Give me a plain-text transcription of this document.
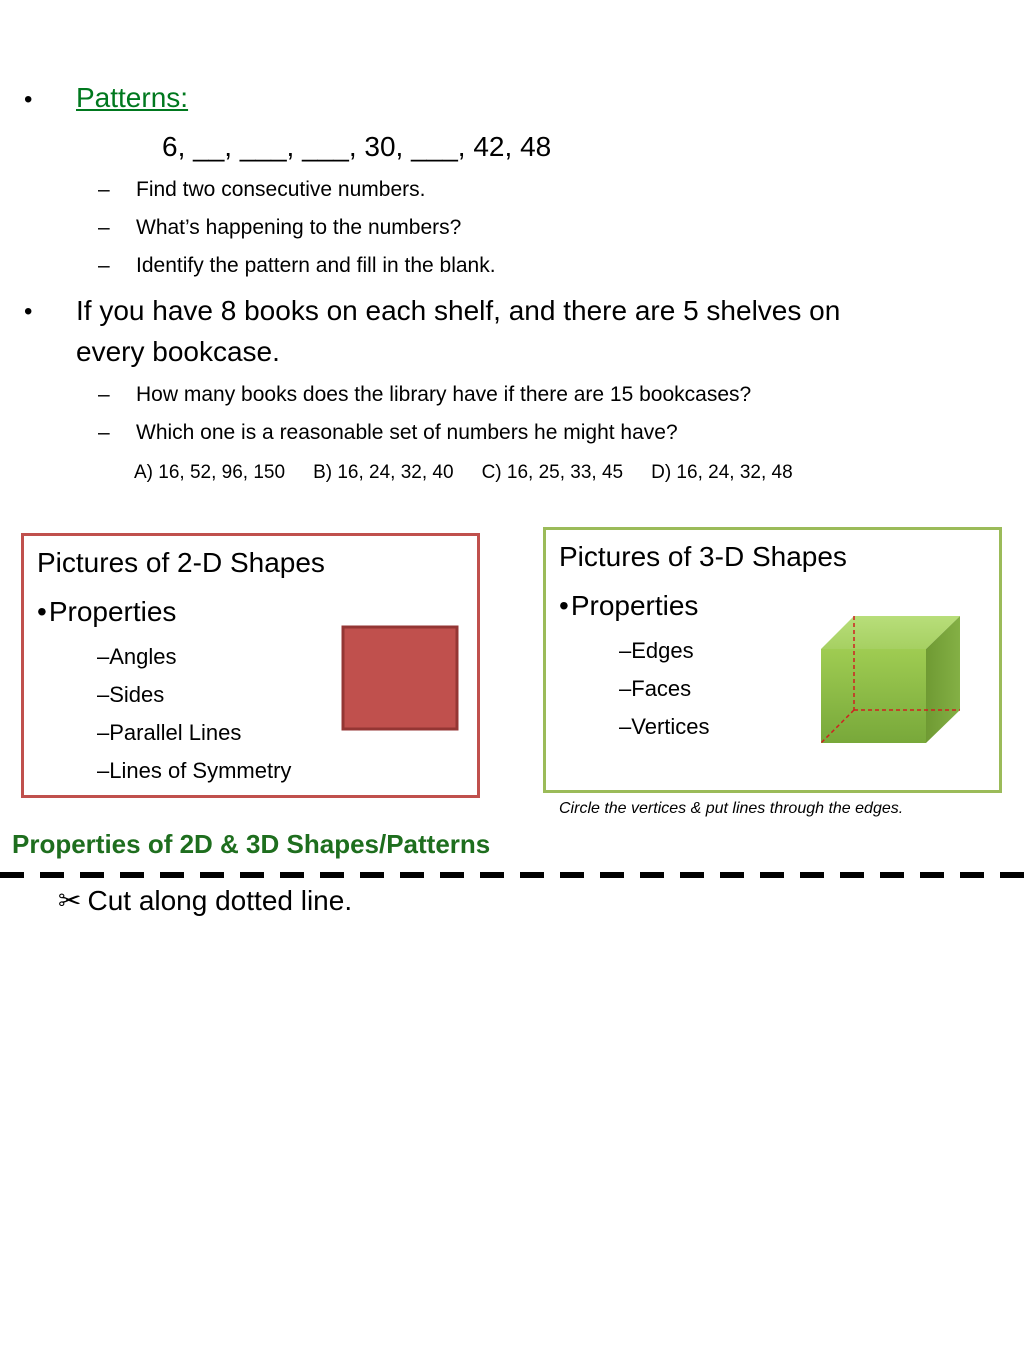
• Patterns:
6, __, ___, ___, 30, ___, 42, 48
– Find two consecutive numbers.
– What’s happening to the numbers?
– Identify the pattern and fill in the blank.
• If you have 8 books on each shelf, and there are 5 shelves on
every bookcase.
– How many books does the library have if there are 15 bookcases?
– Which one is a reasonable set of numbers he might have?
A) 16, 52, 96, 150 B) 16, 24, 32, 40 C) 16, 25, 33, 45 D) 16, 24, 32, 48
Pictures of 2-D Shapes
•Properties
–Angles
–Sides
–Parallel Lines
–Lines of Symmetry
Pictures of 3-D Shapes
•Properties
–Edges
–Faces
–Vertices
Circle the vertices & put lines through the edges.
Properties of 2D & 3D Shapes/Patterns
✂ Cut along dotted line.
